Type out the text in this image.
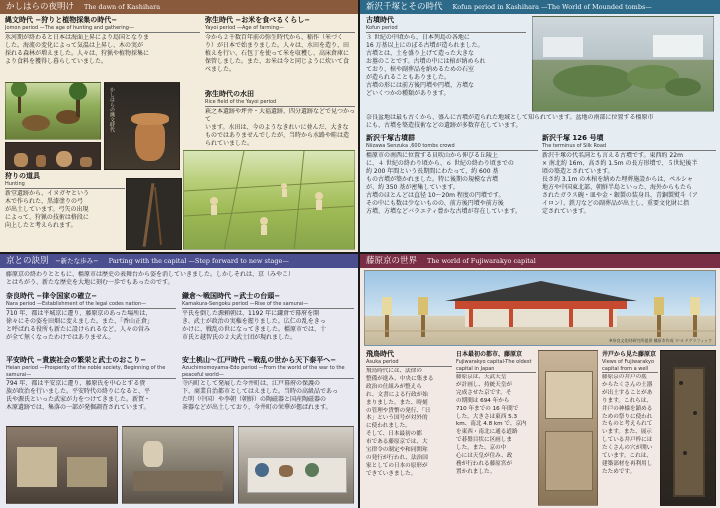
かしはらの夜明け The dawn of Kashihara
縄文時代 −狩りと植物採集の時代−
Jomon period —The age of hunting and gathering—
氷河期が終わると日本は海面上昇により島国となりま
した。海流の変化によって気温は上昇し、木の実が
採れる森林が増えました。人々は、狩猟や植物採集に
より食料を獲得し暮らしていました。
かしはらの縄文時代
弥生時代 −お米を食べるくらし−
Yayoi period —Age of farming—
今から２千数百年前の弥生時代から、稲作（米づく
り）が日本で始まりました。人々は、水田を造り、田
植えを行い、石包丁を使って米を収穫し、高床倉庫に
保管しました。また、お米は今と同じように炊いて食
べました。
弥生時代の水田
Rice field of the Yayoi period
萩之本遺跡や坪井・大福遺跡、四分遺跡などで見つかって
います。水田は、今のようなきれいに並んだ、大きな
ものではありませんでしたが、当時から水路や畦は造
られていました。
狩りの道具
Hunting
新堂遺跡から、イヌガヤという
木で作られた、黒漆塗りの弓
が出土しています。弓矢の出現
によって、狩猟の技術は格段に
向上したと考えられます。
新沢千塚とその時代 Kofun period in Kashihara —The World of Mounded tombs—
古墳時代
Kofun period
３ 世紀の中頃から、日本列島の各地に
16 万基以上にのぼる古墳が造られました。
古墳とは、土を盛り上げて造った大きな
お墓のことです。古墳の中には棺が納められ
ており、棺や副葬品を納めるための石室
が造られることもありました。
古墳の形には前方後円墳や円墳、方墳な
どいくつかの種類があります。
奈良盆地は最も古くから、盛んに古墳が造られた地域として知られています。盆地の南部に位置する橿原市
にも、古墳を築造技術などの遺跡が多数存在しています。
新沢千塚古墳群
Niizawa Senzuka ,600 tombs crowd
橿原市の南西に位置する貝吹山から伸びる丘陵上
に、４ 世紀の終わり頃から、６ 世紀の終わり頃までの
約 200 年間という長期間にわたって、約 600 基
もの古墳が築かれました。特に後期の規模な古墳
が、約 350 基が密集しています。
古墳のほとんどは直径 10～20m 程度の円墳です。
その中にも数は少ないものの、前方後円墳や前方後
方墳、方墳などバラエティ豊かな古墳が存在しています。
新沢千塚 126 号墳
The terminus of Silk Road
新沢千塚の代名詞とも言える古墳です。東西約 22m
× 南北約 16m、高さ約 1.5m の長方形墳で、５世紀後半
頃の築造とされています。
長さ約 3.1m の木棺を納めた埋葬施設からは、ペルシャ
地方や中国東北部、朝鮮半島といった、海外からもたら
されたガラス碗・皿や金・銀製の装身具、青銅製熨斗（ア
イロン）、鉄刀などの副葬品が出土し、重要文化財に指
定されています。
京との訣別 −新たな歩み− Parting with the capital —Step forward to new stage—
藤原京の終わりとともに、橿原市は歴史の表舞台から姿を消していきました。しかしそれは、京（みやこ）
とはちがう、新たな歴史を大地に刻む一歩でもあったのです。
奈良時代 −律令国家の確立−
Nara period —Establishment of the legal codes nation—
710 年、都は平城京に遷り、藤原京のあった場所は、
徐々にその姿を田畑に変えました。また、「香山正倉」
と呼ばれる役所も新たに設けられるなど、人々の営み
が全て無くなったわけではありません。
鎌倉〜戦国時代 −武士の台頭−
Kamakura-Sengoku period —Rise of the samurai—
平氏を倒した源頼朝は、1192 年に鎌倉で幕府を開
き、武士が政治の実権を握りました。広仁の乱をきっ
かけに、戦乱の世になってきました。橿原市では、十
市氏と越智氏の２大武士団が現れました。
平安時代 −貴族社会の繁栄と武士のおこり−
Heian period —Prosperity of the noble society, Beginning of the samurai—
794 年、都は平安京に遷り、藤原氏を中心とする貴
族が政治を行いました。平安時代の終りになると、平
氏や源氏といった武家が力をつけてきました。新賀・
木原遺跡では、集落の一部が発掘調査されています。
安土桃山〜江戸時代 −戦乱の世から天下泰平へ−
Azuchimomoyama-Edo period —From the world of the war to the peaceful world—
寺内町として発展した今井町は、江戸幕府の保護の
下、商業自治都市としてはえました。当時の高級品であっ
た明（中国）や李朝（朝鮮）の陶磁器と国産陶磁器の
茶器などが出土しており、今井町の栄華が偲ばれます。
藤原京の世界 The world of Fujiwarakyo capital
※奈良文化財研究所提供 橿原市作成 ワ-ルドグラフィック
飛鳥時代
Asuka period
飛鳥時代には、法律の
整備が進み、中央に集まる
政治の仕組みが整えら
れ、文書による行政が始
まりました。また、時刻
の管理や貨幣の発行、「日
本」という国号が対外的
に使われました。
そして、日本最初の都
市である藤原京では、大
宝律令の制定や和同開珎
の発行が行われ、法治国
家としての日本の原形が
できていきました。
日本最初の都市、藤原京
Fujiwarakyo capital-The oldest capital in Japan
藤原京は、天武天皇
が計画し、持統天皇が
完成させた京です。そ
の期間は 694 年から
710 年までの 16 年間で
した。大きさは東西 5.3
km、南北 4.8 km で、京内
を東西・南北に通る道路
で碁盤目状に区画しま
した。また、京の中
心には天皇が住み、政
務が行われる藤原宮が
置かれました。
井戸から見た藤原京
Views of Fujiwarakyo capital from a well
藤原京の井戸の底
からたくさんの土器
が出土することがあ
ります。これらは、
井戸の神様を鎮める
ための祭りに使われ
たものと考えられて
います。また、展示
している井戸枠には
たくさんの穴が開い
ています。これは、
建築部材を再利用し
たためです。
